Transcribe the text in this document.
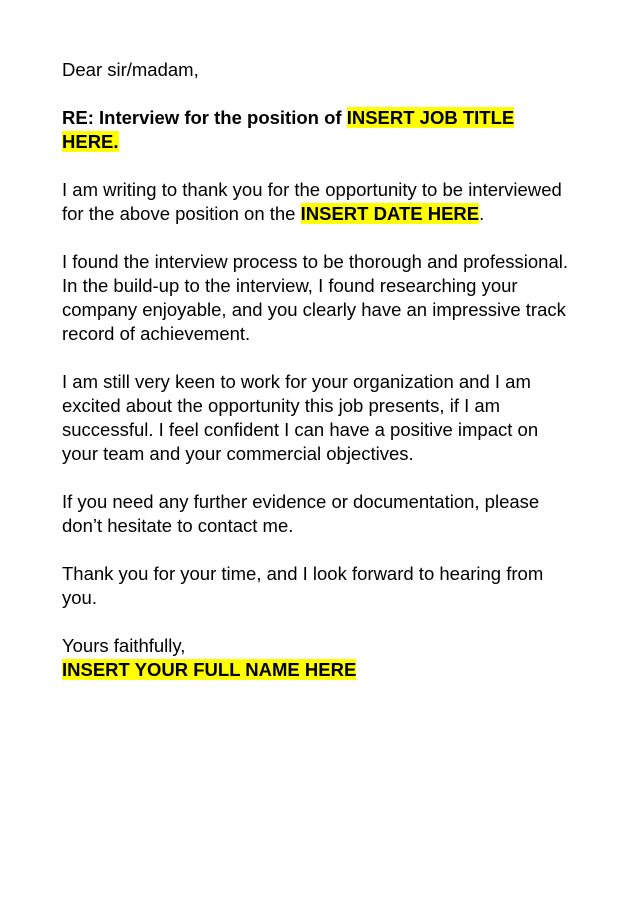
Dear sir/madam,

RE: Interview for the position of INSERT JOB TITLE HERE.

I am writing to thank you for the opportunity to be interviewed for the above position on the INSERT DATE HERE.

I found the interview process to be thorough and professional. In the build-up to the interview, I found researching your company enjoyable, and you clearly have an impressive track record of achievement.

I am still very keen to work for your organization and I am excited about the opportunity this job presents, if I am successful. I feel confident I can have a positive impact on your team and your commercial objectives.

If you need any further evidence or documentation, please don’t hesitate to contact me.

Thank you for your time, and I look forward to hearing from you.

Yours faithfully,

INSERT YOUR FULL NAME HERE
